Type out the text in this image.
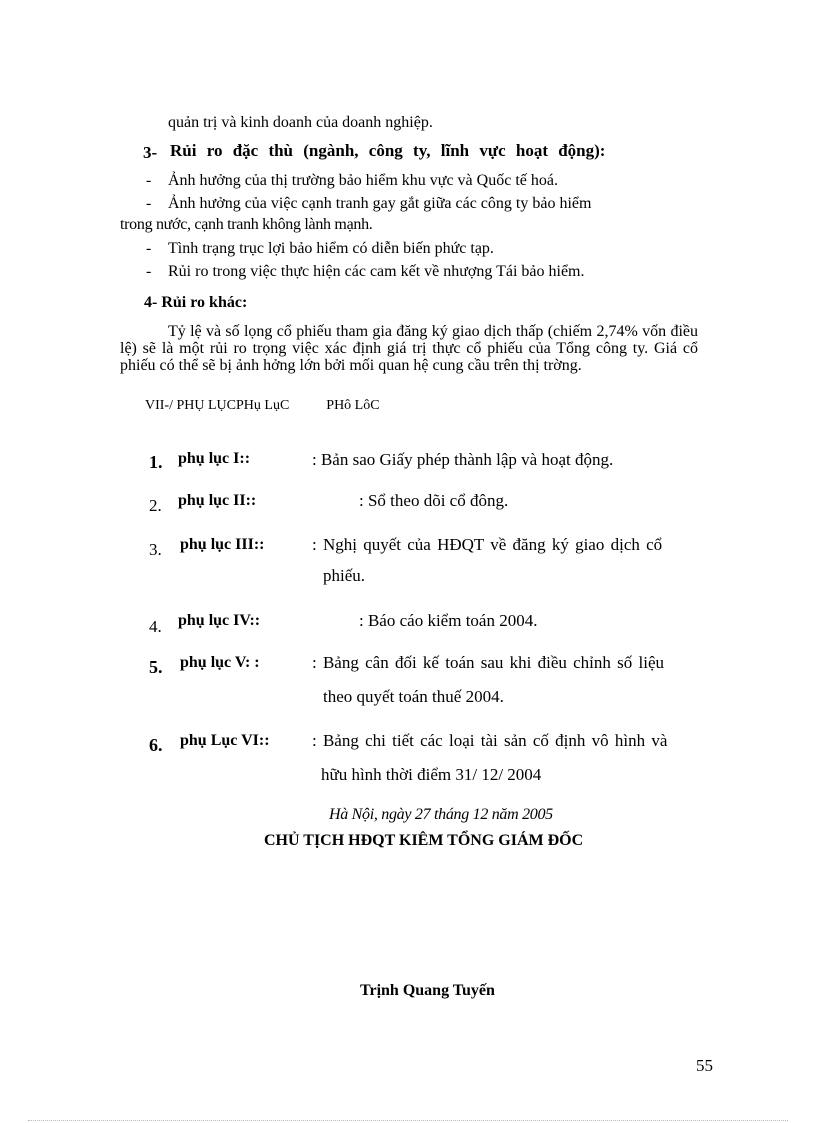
quản trị và kinh doanh của doanh nghiệp.
3- Rủi ro đặc thù (ngành, công ty, lĩnh vực hoạt động):
- Ảnh hưởng của thị trường bảo hiểm khu vực và Quốc tế hoá.
- Ảnh hưởng của việc cạnh tranh gay gắt giữa các công ty bảo hiểm
trong nước, cạnh tranh không lành mạnh.
- Tình trạng trục lợi bảo hiểm có diễn biến phức tạp.
- Rủi ro trong việc thực hiện các cam kết về nhượng Tái bảo hiểm.
4- Rủi ro khác:
Tỷ lệ và số lọng cổ phiếu tham gia đăng ký giao dịch thấp (chiếm 2,74% vốn điều lệ) sẽ là một rủi ro trọng việc xác định giá trị thực cổ phiếu của Tổng công ty. Giá cổ phiếu có thể sẽ bị ảnh hởng lớn bởi mối quan hệ cung cầu trên thị trờng.
VII-/ PHỤ LỤCPHụ LụC	PHô LôC
1. phụ lục I::	: Bản sao Giấy phép thành lập và hoạt động.
2. phụ lục II::	: Sổ theo dõi cổ đông.
3. phụ lục III::	: Nghị quyết của HĐQT về đăng ký giao dịch cổ
phiếu.
4. phụ lục IV::	: Báo cáo kiểm toán 2004.
5. phụ lục V: :	: Bảng cân đối kế toán sau khi điều chỉnh số liệu
theo quyết toán thuế 2004.
6. phụ Lục VI:: : Bảng chi tiết các loại tài sản cố định vô hình và
hữu hình thời điểm 31/ 12/ 2004
Hà Nội, ngày 27 tháng 12 năm 2005
CHỦ TỊCH HĐQT KIÊM TỔNG GIÁM ĐỐC
Trịnh Quang Tuyến
55
